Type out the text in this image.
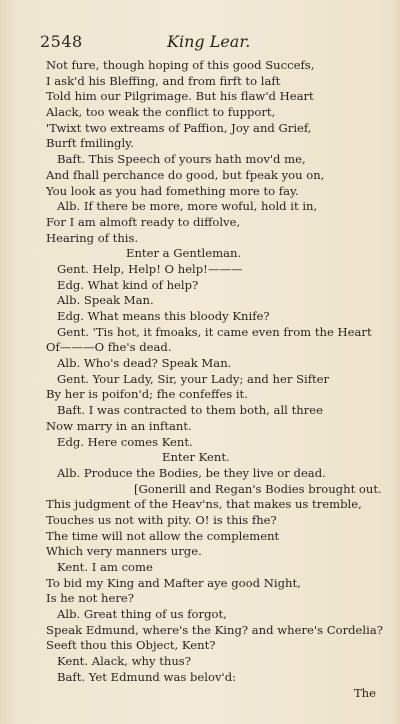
2548	King Lear.
Not fure, though hoping of this good Succefs,
I ask'd his Bleffing, and from firft to laft
Told him our Pilgrimage. But his flaw'd Heart
Alack, too weak the conflict to fupport,
'Twixt two extreams of Paffion, Joy and Grief,
Burft fmilingly.
Baft. This Speech of yours hath mov'd me,
And fhall perchance do good, but fpeak you on,
You look as you had fomething more to fay.
Alb. If there be more, more woful, hold it in,
For I am almoft ready to diffolve,
Hearing of this.
Enter a Gentleman.
Gent. Help, Help! O help!———
Edg. What kind of help?
Alb. Speak Man.
Edg. What means this bloody Knife?
Gent. 'Tis hot, it fmoaks, it came even from the Heart
Of———O fhe's dead.
Alb. Who's dead? Speak Man.
Gent. Your Lady, Sir, your Lady; and her Sifter
By her is poifon'd; fhe confeffes it.
Baft. I was contracted to them both, all three
Now marry in an inftant.
Edg. Here comes Kent.
Enter Kent.
Alb. Produce the Bodies, be they live or dead.
[Gonerill and Regan's Bodies brought out.
This judgment of the Heav'ns, that makes us tremble,
Touches us not with pity. O! is this fhe?
The time will not allow the complement
Which very manners urge.
Kent. I am come
To bid my King and Mafter aye good Night,
Is he not here?
Alb. Great thing of us forgot,
Speak Edmund, where's the King? and where's Cordelia?
Seeft thou this Object, Kent?
Kent. Alack, why thus?
Baft. Yet Edmund was belov'd:
The
